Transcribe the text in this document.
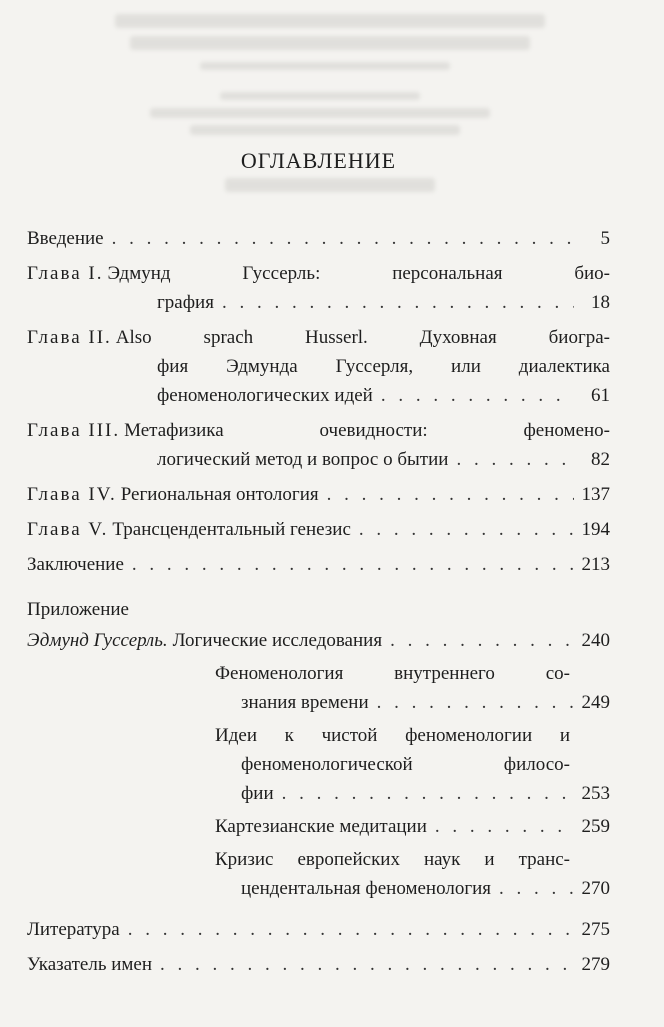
ОГЛАВЛЕНИЕ
Введение . . .	5
Глава I. Эдмунд Гуссерль: персональная био-
графия . . .	18
Глава II. Also sprach Husserl. Духовная биогра-
фия Эдмунда Гуссерля, или диалектика
феноменологических идей . . .	61
Глава III. Метафизика очевидности: феномено-
логический метод и вопрос о бытии . . .	82
Глава IV. Региональная онтология . . .	137
Глава V. Трансцендентальный генезис . . .	194
Заключение . . .	213
Приложение
Эдмунд Гуссерль. Логические исследования . . .	240
Феноменология внутреннего со-
знания времени . . .	249
Идеи к чистой феноменологии и
феноменологической филосо-
фии . . .	253
Картезианские медитации . . .	259
Кризис европейских наук и транс-
цендентальная феноменология . . .	270
Литература . . .	275
Указатель имен . . .	279
